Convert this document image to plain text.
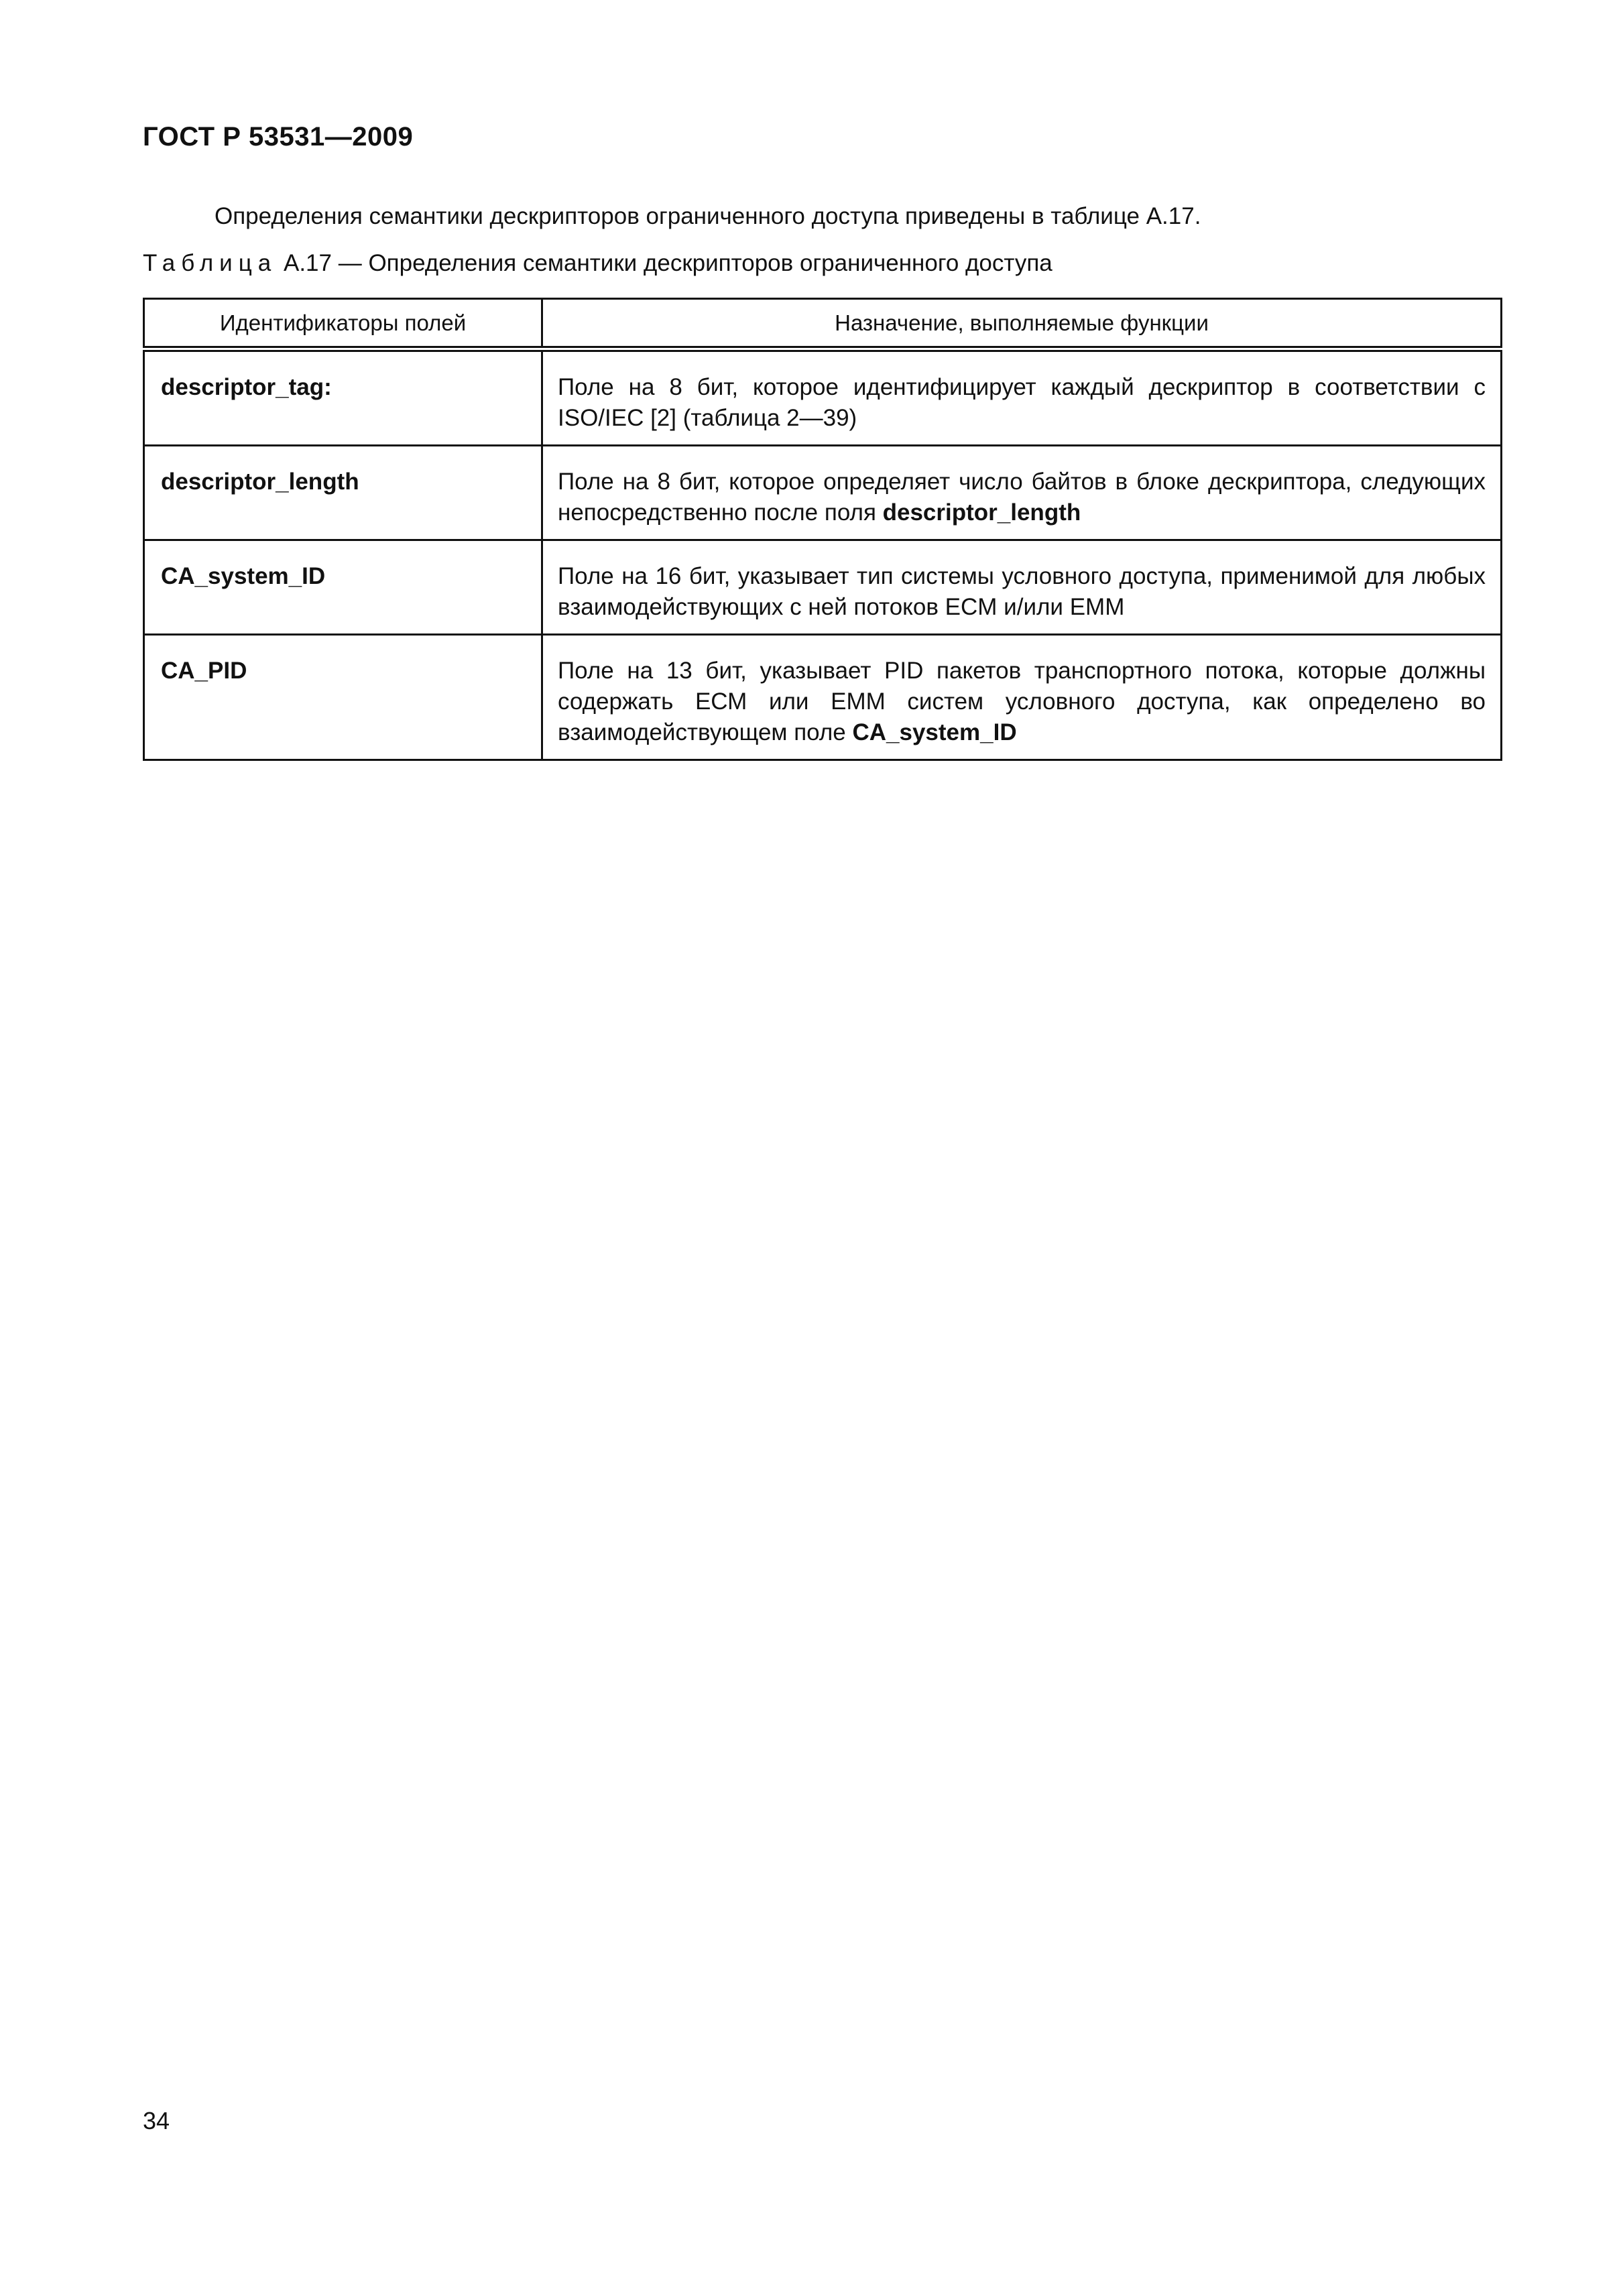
ГОСТ Р 53531—2009
Определения семантики дескрипторов ограниченного доступа приведены в таблице А.17.
Таблица А.17 — Определения семантики дескрипторов ограниченного доступа
Идентификаторы полей	Назначение, выполняемые функции
descriptor_tag:	Поле на 8 бит, которое идентифицирует каждый дескриптор в соответствии с ISO/IEC [2] (таблица 2—39)
descriptor_length	Поле на 8 бит, которое определяет число байтов в блоке дескриптора, следующих непосредственно после поля descriptor_length
CA_system_ID	Поле на 16 бит, указывает тип системы условного доступа, применимой для любых взаимодействующих с ней потоков ECM и/или EMM
CA_PID	Поле на 13 бит, указывает PID пакетов транспортного потока, которые должны содержать ЕСМ или ЕММ систем условного доступа, как определено во взаимодействующем поле CA_system_ID
34
